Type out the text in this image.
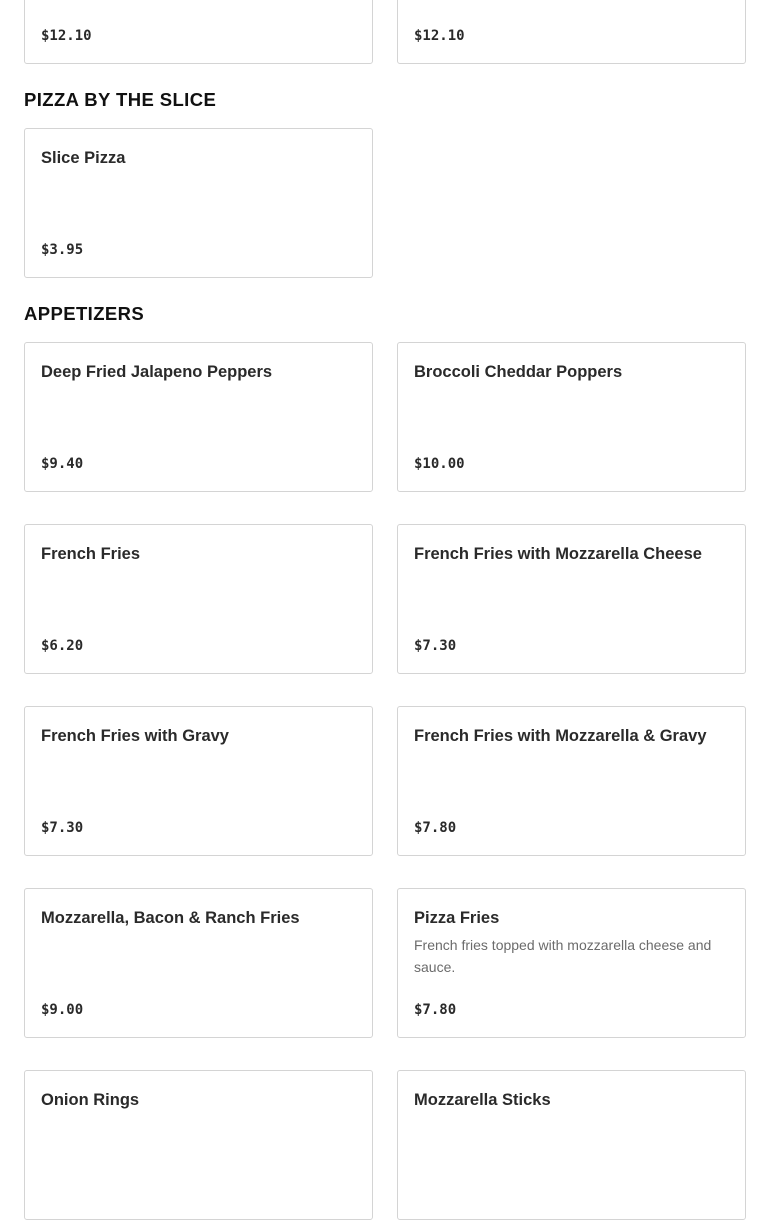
$12.10	$12.10
PIZZA BY THE SLICE
Slice Pizza
$3.95
APPETIZERS
Deep Fried Jalapeno Peppers
$9.40
Broccoli Cheddar Poppers
$10.00
French Fries
$6.20
French Fries with Mozzarella Cheese
$7.30
French Fries with Gravy
$7.30
French Fries with Mozzarella & Gravy
$7.80
Mozzarella, Bacon & Ranch Fries
$9.00
Pizza Fries
French fries topped with mozzarella cheese and sauce.
$7.80
Onion Rings	Mozzarella Sticks
